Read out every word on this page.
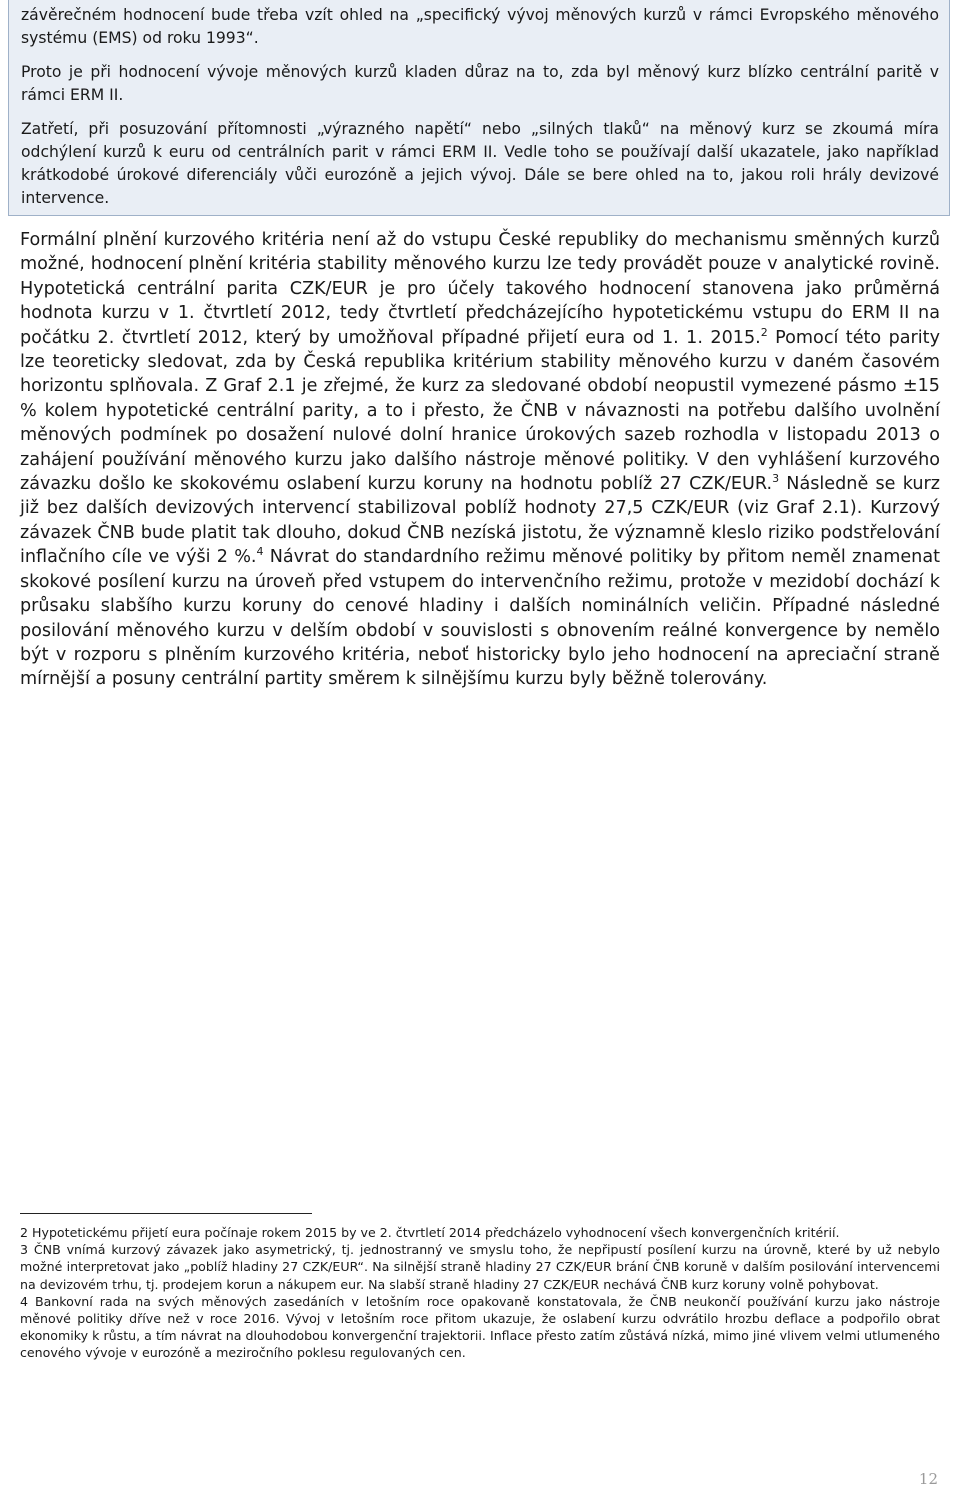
závěrečném hodnocení bude třeba vzít ohled na „specifický vývoj měnových kurzů v rámci Evropského měnového systému (EMS) od roku 1993“.

Proto je při hodnocení vývoje měnových kurzů kladen důraz na to, zda byl měnový kurz blízko centrální paritě v rámci ERM II.

Zatřetí, při posuzování přítomnosti „výrazného napětí“ nebo „silných tlaků“ na měnový kurz se zkoumá míra odchýlení kurzů k euru od centrálních parit v rámci ERM II. Vedle toho se používají další ukazatele, jako například krátkodobé úrokové diferenciály vůči eurozóně a jejich vývoj. Dále se bere ohled na to, jakou roli hrály devizové intervence.

Formální plnění kurzového kritéria není až do vstupu České republiky do mechanismu směnných kurzů možné, hodnocení plnění kritéria stability měnového kurzu lze tedy provádět pouze v analytické rovině. Hypotetická centrální parita CZK/EUR je pro účely takového hodnocení stanovena jako průměrná hodnota kurzu v 1. čtvrtletí 2012, tedy čtvrtletí předcházejícího hypotetickému vstupu do ERM II na počátku 2. čtvrtletí 2012, který by umožňoval případné přijetí eura od 1. 1. 2015.$^2$ Pomocí této parity lze teoreticky sledovat, zda by Česká republika kritérium stability měnového kurzu v daném časovém horizontu splňovala. Z Graf 2.1 je zřejmé, že kurz za sledované období neopustil vymezené pásmo ±15 % kolem hypotetické centrální parity, a to i přesto, že ČNB v návaznosti na potřebu dalšího uvolnění měnových podmínek po dosažení nulové dolní hranice úrokových sazeb rozhodla v listopadu 2013 o zahájení používání měnového kurzu jako dalšího nástroje měnové politiky. V den vyhlášení kurzového závazku došlo ke skokovému oslabení kurzu koruny na hodnotu poblíž 27 CZK/EUR.$^3$ Následně se kurz již bez dalších devizových intervencí stabilizoval poblíž hodnoty 27,5 CZK/EUR (viz Graf 2.1). Kurzový závazek ČNB bude platit tak dlouho, dokud ČNB nezíská jistotu, že významně kleslo riziko podstřelování inflačního cíle ve výši 2 %.$^4$ Návrat do standardního režimu měnové politiky by přitom neměl znamenat skokové posílení kurzu na úroveň před vstupem do intervenčního režimu, protože v mezidobí dochází k průsaku slabšího kurzu koruny do cenové hladiny i dalších nominálních veličin. Případné následné posilování měnového kurzu v delším období v souvislosti s obnovením reálné konvergence by nemělo být v rozporu s plněním kurzového kritéria, neboť historicky bylo jeho hodnocení na apreciační straně mírnější a posuny centrální partity směrem k silnějšímu kurzu byly běžně tolerovány.

2 Hypotetickému přijetí eura počínaje rokem 2015 by ve 2. čtvrtletí 2014 předcházelo vyhodnocení všech konvergenčních kritérií.

3 ČNB vnímá kurzový závazek jako asymetrický, tj. jednostranný ve smyslu toho, že nepřipustí posílení kurzu na úrovně, které by už nebylo možné interpretovat jako „poblíž hladiny 27 CZK/EUR“. Na silnější straně hladiny 27 CZK/EUR brání ČNB koruně v dalším posilování intervencemi na devizovém trhu, tj. prodejem korun a nákupem eur. Na slabší straně hladiny 27 CZK/EUR nechává ČNB kurz koruny volně pohybovat.

4 Bankovní rada na svých měnových zasedáních v letošním roce opakovaně konstatovala, že ČNB neukončí používání kurzu jako nástroje měnové politiky dříve než v roce 2016. Vývoj v letošním roce přitom ukazuje, že oslabení kurzu odvrátilo hrozbu deflace a podpořilo obrat ekonomiky k růstu, a tím návrat na dlouhodobou konvergenční trajektorii. Inflace přesto zatím zůstává nízká, mimo jiné vlivem velmi utlumeného cenového vývoje v eurozóně a meziročního poklesu regulovaných cen.

12
